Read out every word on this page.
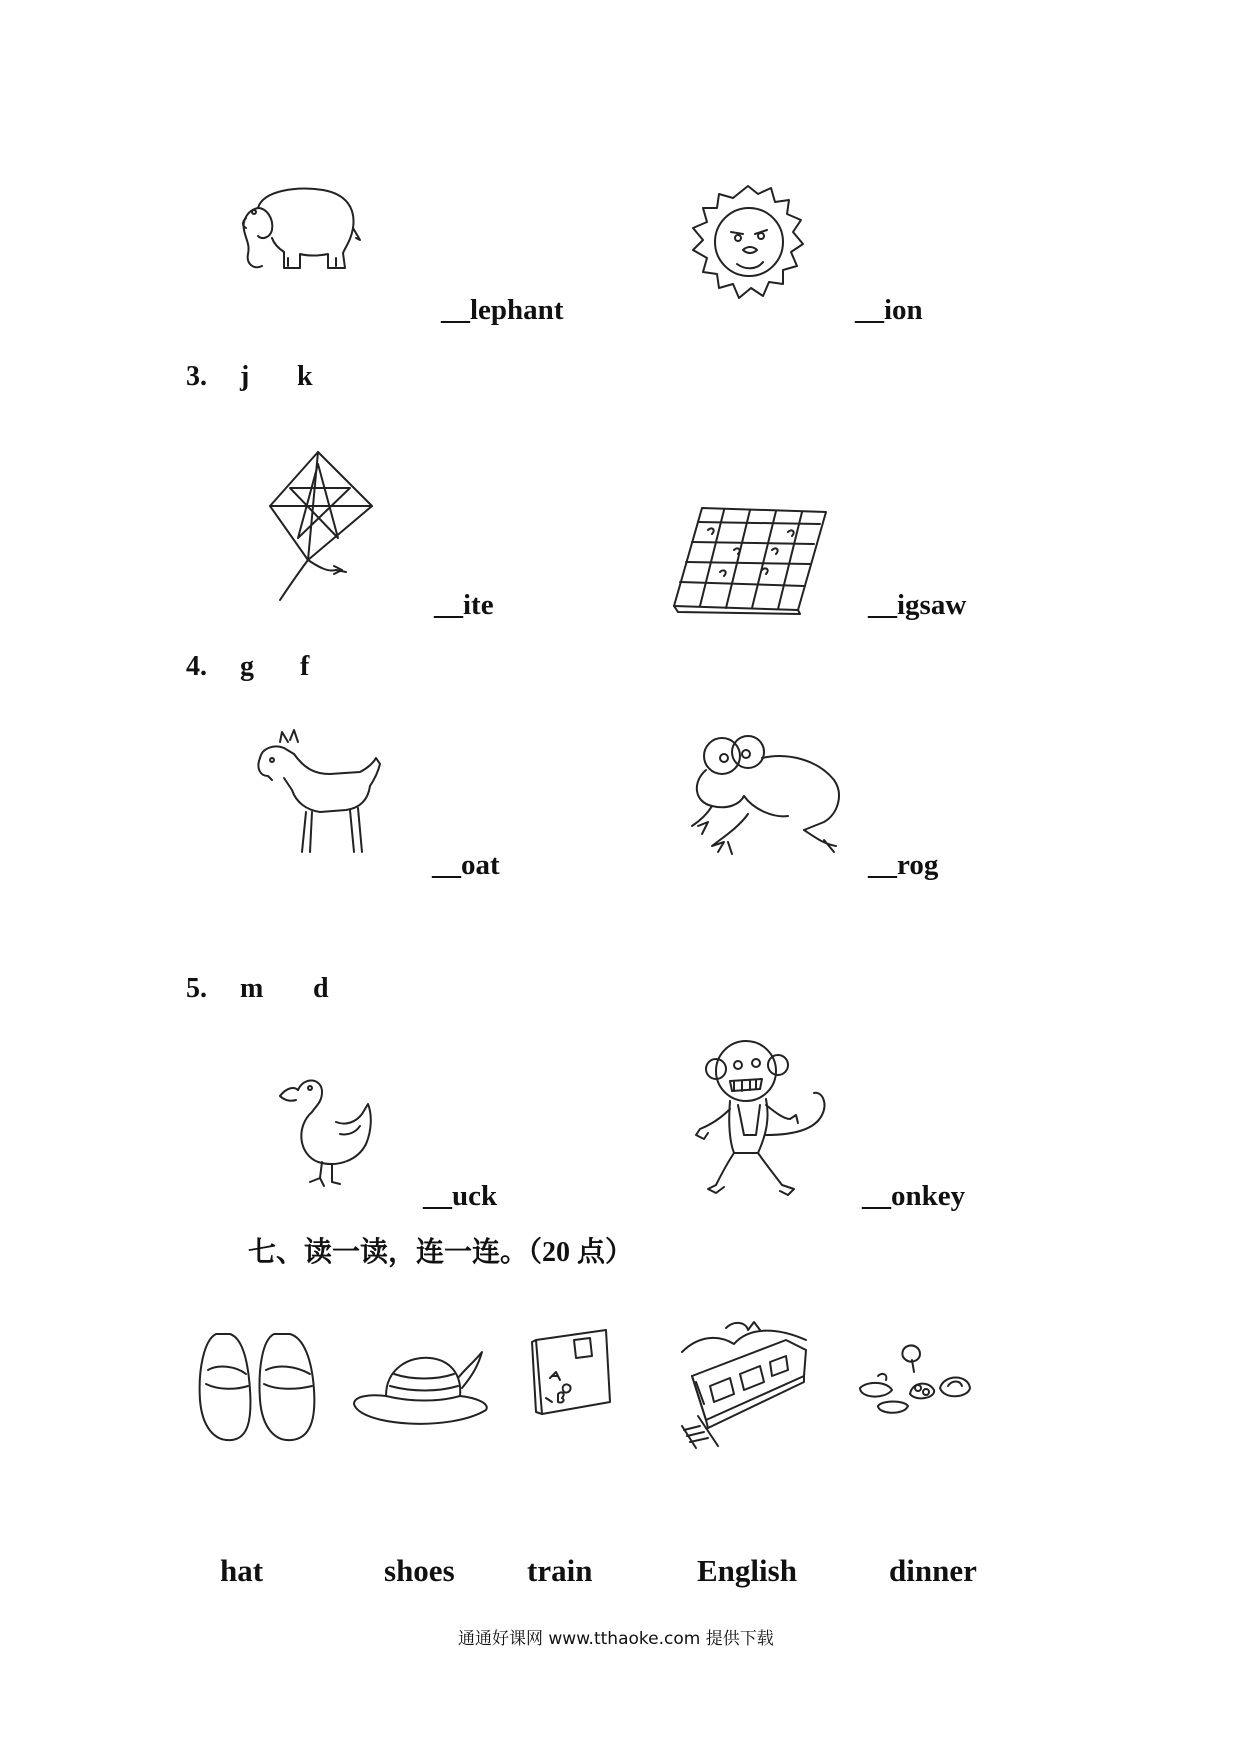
__lephant	__ion
3. j k
__ite	__igsaw
4. g f
__oat	__rog
5. m d
__uck	__onkey
七、读一读，连一连。（20 点）
hat	shoes train	English	dinner
通通好课网 www.tthaoke.com 提供下载
